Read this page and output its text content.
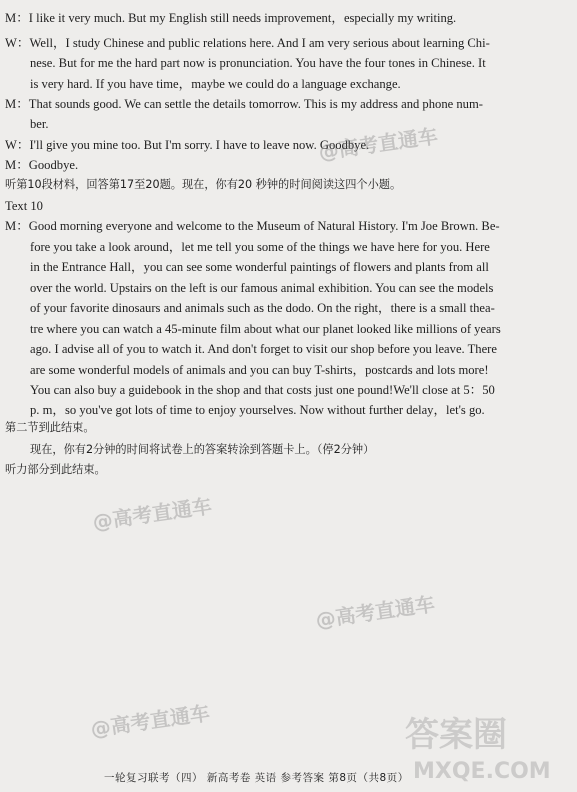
M：I like it very much. But my English still needs improvement，especially my writing.
W：Well，I study Chinese and public relations here. And I am very serious about learning Chi-
nese. But for me the hard part now is pronunciation. You have the four tones in Chinese. It
is very hard. If you have time，maybe we could do a language exchange.
M：That sounds good. We can settle the details tomorrow. This is my address and phone num-
ber.
W：I'll give you mine too. But I'm sorry. I have to leave now. Goodbye.
M：Goodbye.
听第10段材料，回答第17至20题。现在，你有20 秒钟的时间阅读这四个小题。
Text 10
M：Good morning everyone and welcome to the Museum of Natural History. I'm Joe Brown. Be-
fore you take a look around，let me tell you some of the things we have here for you. Here
in the Entrance Hall，you can see some wonderful paintings of flowers and plants from all
over the world. Upstairs on the left is our famous animal exhibition. You can see the models
of your favorite dinosaurs and animals such as the dodo. On the right，there is a small thea-
tre where you can watch a 45-minute film about what our planet looked like millions of years
ago. I advise all of you to watch it. And don't forget to visit our shop before you leave. There
are some wonderful models of animals and you can buy T-shirts，postcards and lots more!
You can also buy a guidebook in the shop and that costs just one pound!We'll close at 5：50
p. m，so you've got lots of time to enjoy yourselves. Now without further delay，let's go.
第二节到此结束。
现在，你有2分钟的时间将试卷上的答案转涂到答题卡上。（停2分钟）
听力部分到此结束。
@高考直通车
@高考直通车
@高考直通车
@高考直通车	答案圈
MXQE.COM
一轮复习联考（四） 新高考卷 英语 参考答案 第8页（共8页）
